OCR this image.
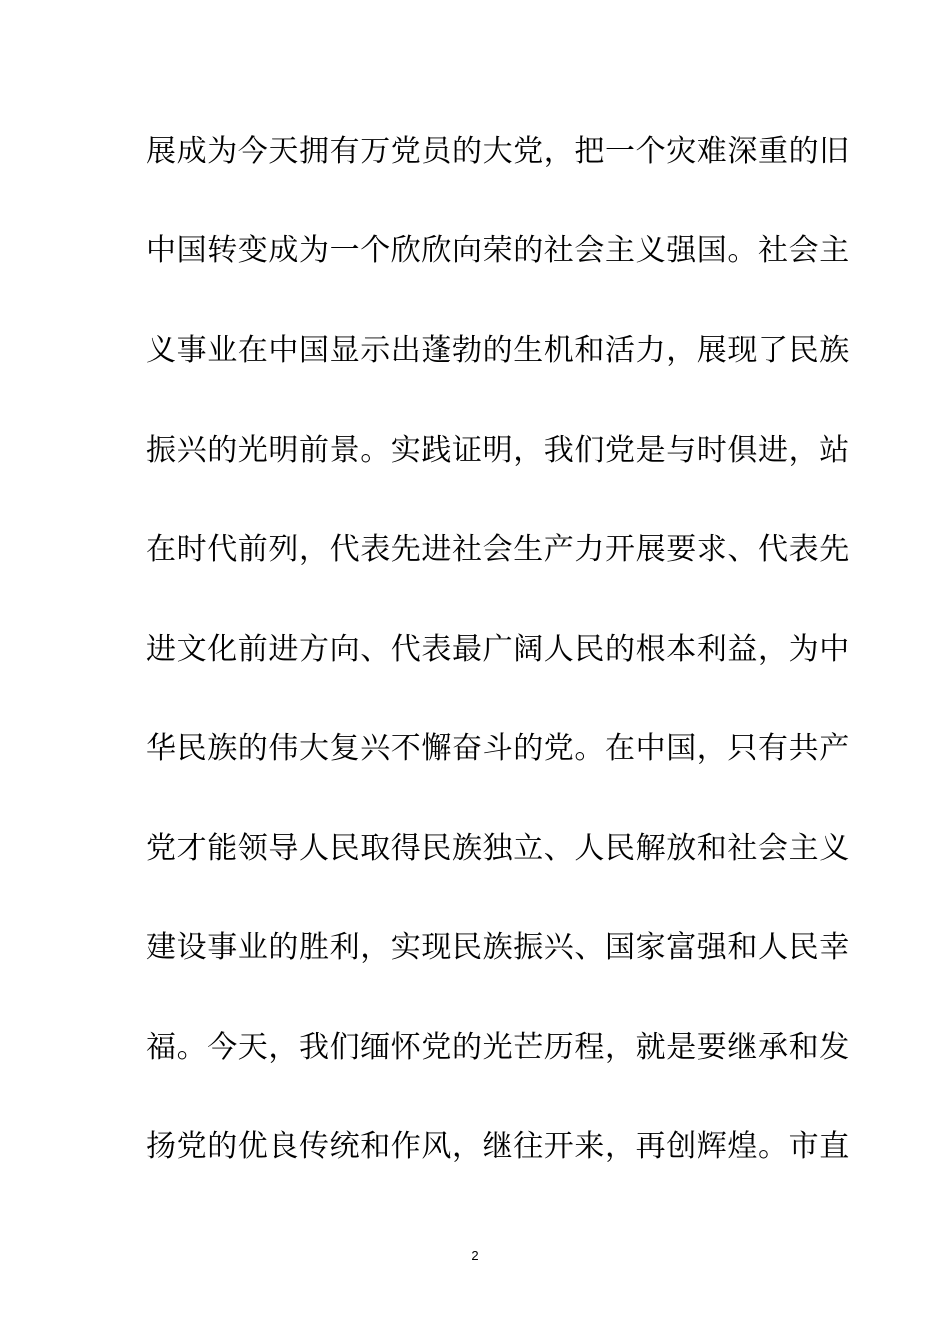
展成为今天拥有万党员的大党，把一个灾难深重的旧
中国转变成为一个欣欣向荣的社会主义强国。社会主
义事业在中国显示出蓬勃的生机和活力，展现了民族
振兴的光明前景。实践证明，我们党是与时俱进，站
在时代前列，代表先进社会生产力开展要求、代表先
进文化前进方向、代表最广阔人民的根本利益，为中
华民族的伟大复兴不懈奋斗的党。在中国，只有共产
党才能领导人民取得民族独立、人民解放和社会主义
建设事业的胜利，实现民族振兴、国家富强和人民幸
福。今天，我们缅怀党的光芒历程，就是要继承和发
扬党的优良传统和作风，继往开来，再创辉煌。市直
2
